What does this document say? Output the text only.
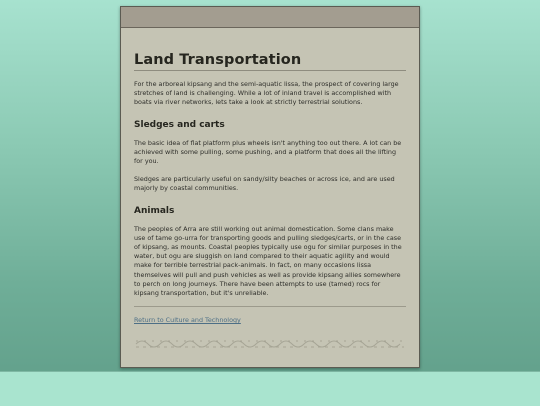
Land Transportation

For the arboreal kipsang and the semi-aquatic lissa, the prospect of covering large stretches of land is challenging. While a lot of inland travel is accomplished with boats via river networks, lets take a look at strictly terrestrial solutions.

Sledges and carts

The basic idea of flat platform plus wheels isn't anything too out there. A lot can be achieved with some pulling, some pushing, and a platform that does all the lifting for you.

Sledges are particularly useful on sandy/silty beaches or across ice, and are used majorly by coastal communities.

Animals

The peoples of Arra are still working out animal domestication. Some clans make use of tame go-urra for transporting goods and pulling sledges/carts, or in the case of kipsang, as mounts. Coastal peoples typically use ogu for similar purposes in the water, but ogu are sluggish on land compared to their aquatic agility and would make for terrible terrestrial pack-animals. In fact, on many occasions lissa themselves will pull and push vehicles as well as provide kipsang allies somewhere to perch on long journeys. There have been attempts to use (tamed) rocs for kipsang transportation, but it's unreliable.

Return to Culture and Technology
